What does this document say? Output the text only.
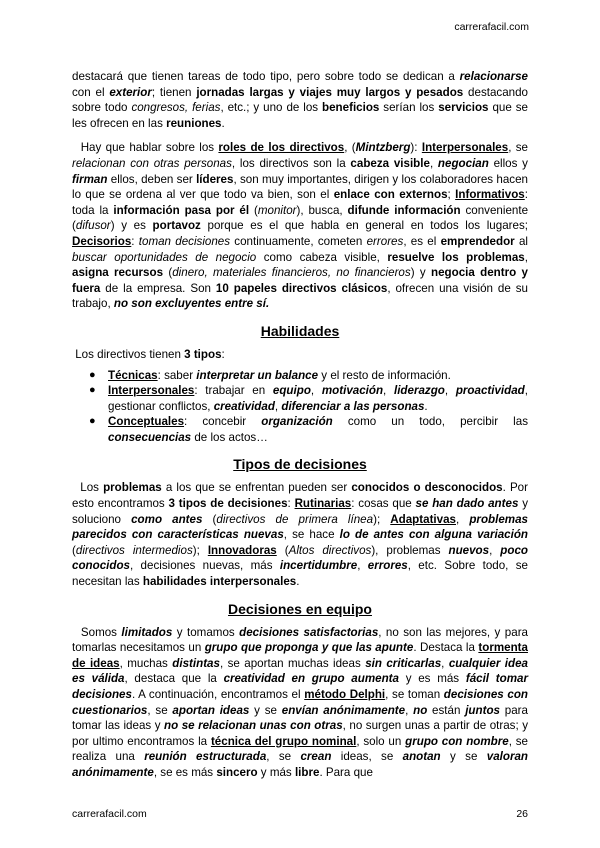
carrerafacil.com

destacará que tienen tareas de todo tipo, pero sobre todo se dedican a relacionarse con el exterior; tienen jornadas largas y viajes muy largos y pesados destacando sobre todo congresos, ferias, etc.; y uno de los beneficios serían los servicios que se les ofrecen en las reuniones.

Hay que hablar sobre los roles de los directivos, (Mintzberg): Interpersonales, se relacionan con otras personas, los directivos son la cabeza visible, negocian ellos y firman ellos, deben ser líderes, son muy importantes, dirigen y los colaboradores hacen lo que se ordena al ver que todo va bien, son el enlace con externos; Informativos: toda la información pasa por él (monitor), busca, difunde información conveniente (difusor) y es portavoz porque es el que habla en general en todos los lugares; Decisorios: toman decisiones continuamente, cometen errores, es el emprendedor al buscar oportunidades de negocio como cabeza visible, resuelve los problemas, asigna recursos (dinero, materiales financieros, no financieros) y negocia dentro y fuera de la empresa. Son 10 papeles directivos clásicos, ofrecen una visión de su trabajo, no son excluyentes entre sí.

Habilidades

Los directivos tienen 3 tipos:

● Técnicas: saber interpretar un balance y el resto de información.
● Interpersonales: trabajar en equipo, motivación, liderazgo, proactividad, gestionar conflictos, creatividad, diferenciar a las personas.
● Conceptuales: concebir organización como un todo, percibir las consecuencias de los actos…
Tipos de decisiones

Los problemas a los que se enfrentan pueden ser conocidos o desconocidos. Por esto encontramos 3 tipos de decisiones: Rutinarias: cosas que se han dado antes y soluciono como antes (directivos de primera línea); Adaptativas, problemas parecidos con características nuevas, se hace lo de antes con alguna variación (directivos intermedios); Innovadoras (Altos directivos), problemas nuevos, poco conocidos, decisiones nuevas, más incertidumbre, errores, etc. Sobre todo, se necesitan las habilidades interpersonales.

Decisiones en equipo

Somos limitados y tomamos decisiones satisfactorias, no son las mejores, y para tomarlas necesitamos un grupo que proponga y que las apunte. Destaca la tormenta de ideas, muchas distintas, se aportan muchas ideas sin criticarlas, cualquier idea es válida, destaca que la creatividad en grupo aumenta y es más fácil tomar decisiones. A continuación, encontramos el método Delphi, se toman decisiones con cuestionarios, se aportan ideas y se envían anónimamente, no están juntos para tomar las ideas y no se relacionan unas con otras, no surgen unas a partir de otras; y por ultimo encontramos la técnica del grupo nominal, solo un grupo con nombre, se realiza una reunión estructurada, se crean ideas, se anotan y se valoran anónimamente, se es más sincero y más libre. Para que

carrerafacil.com	26
